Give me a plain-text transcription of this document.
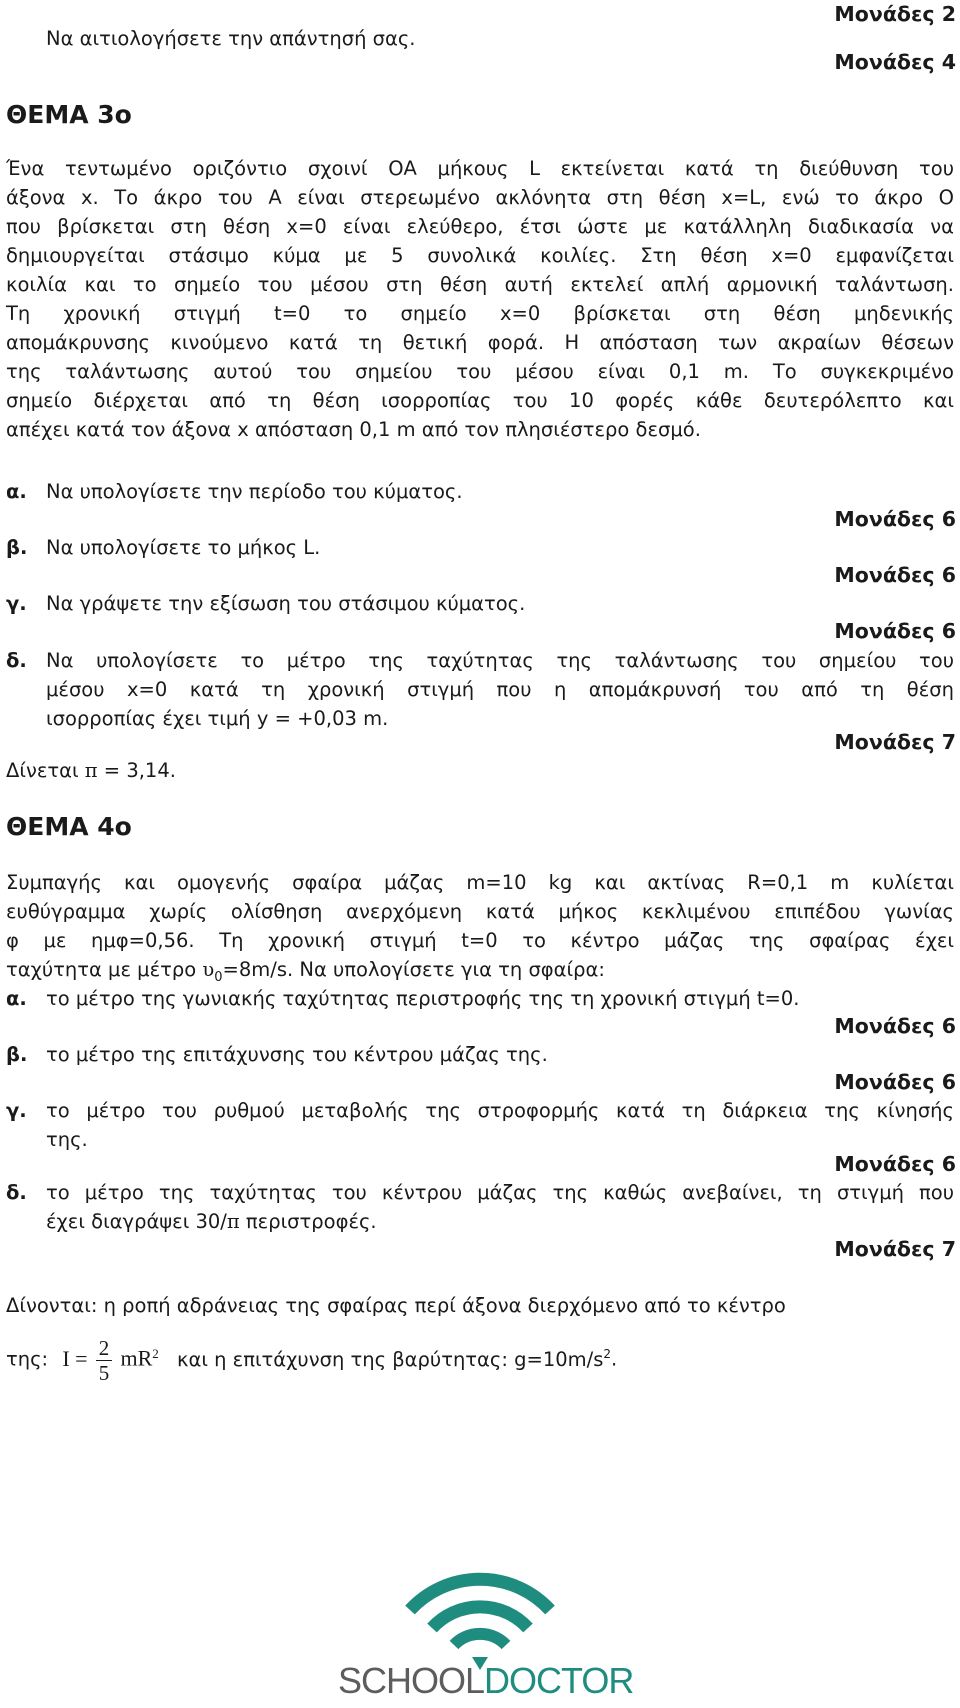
Να αιτιολογήσετε την απάντησή σας.
Μονάδες 2
Μονάδες 4
ΘΕΜΑ 3ο
Ένα τεντωμένο οριζόντιο σχοινί ΟΑ μήκους L εκτείνεται κατά τη διεύθυνση του
άξονα x. Το άκρο του Α είναι στερεωμένο ακλόνητα στη θέση x=L, ενώ το άκρο Ο
που βρίσκεται στη θέση x=0 είναι ελεύθερο, έτσι ώστε με κατάλληλη διαδικασία να
δημιουργείται στάσιμο κύμα με 5 συνολικά κοιλίες. Στη θέση x=0 εμφανίζεται
κοιλία και το σημείο του μέσου στη θέση αυτή εκτελεί απλή αρμονική ταλάντωση.
Τη χρονική στιγμή t=0 το σημείο x=0 βρίσκεται στη θέση μηδενικής
απομάκρυνσης κινούμενο κατά τη θετική φορά. Η απόσταση των ακραίων θέσεων
της ταλάντωσης αυτού του σημείου του μέσου είναι 0,1 m. Το συγκεκριμένο
σημείο διέρχεται από τη θέση ισορροπίας του 10 φορές κάθε δευτερόλεπτο και
απέχει κατά τον άξονα x απόσταση 0,1 m από τον πλησιέστερο δεσμό.
α. Να υπολογίσετε την περίοδο του κύματος.
Μονάδες 6
β. Να υπολογίσετε το μήκος L.
Μονάδες 6
γ. Να γράψετε την εξίσωση του στάσιμου κύματος.
Μονάδες 6
δ. Να υπολογίσετε το μέτρο της ταχύτητας της ταλάντωσης του σημείου του
μέσου x=0 κατά τη χρονική στιγμή που η απομάκρυνσή του από τη θέση
ισορροπίας έχει τιμή y = +0,03 m.
Μονάδες 7
Δίνεται π = 3,14.
ΘΕΜΑ 4ο
Συμπαγής και ομογενής σφαίρα μάζας m=10 kg και ακτίνας R=0,1 m κυλίεται
ευθύγραμμα χωρίς ολίσθηση ανερχόμενη κατά μήκος κεκλιμένου επιπέδου γωνίας
φ με ημφ=0,56. Τη χρονική στιγμή t=0 το κέντρο μάζας της σφαίρας έχει
ταχύτητα με μέτρο $\upsilon_0=8m/s$. Να υπολογίσετε για τη σφαίρα:
α. το μέτρο της γωνιακής ταχύτητας περιστροφής της τη χρονική στιγμή t=0.
Μονάδες 6
β. το μέτρο της επιτάχυνσης του κέντρου μάζας της.
Μονάδες 6
γ. το μέτρο του ρυθμού μεταβολής της στροφορμής κατά τη διάρκεια της κίνησής
της.
Μονάδες 6
δ. το μέτρο της ταχύτητας του κέντρου μάζας της καθώς ανεβαίνει, τη στιγμή που
έχει διαγράψει 30/π περιστροφές.
Μονάδες 7
Δίνονται: η ροπή αδράνειας της σφαίρας περί άξονα διερχόμενο από το κέντρο
της: $I = \frac{2}{5} mR^2$ και η επιτάχυνση της βαρύτητας: $g=10m/s^2$.
SCHOOLDOCTOR
